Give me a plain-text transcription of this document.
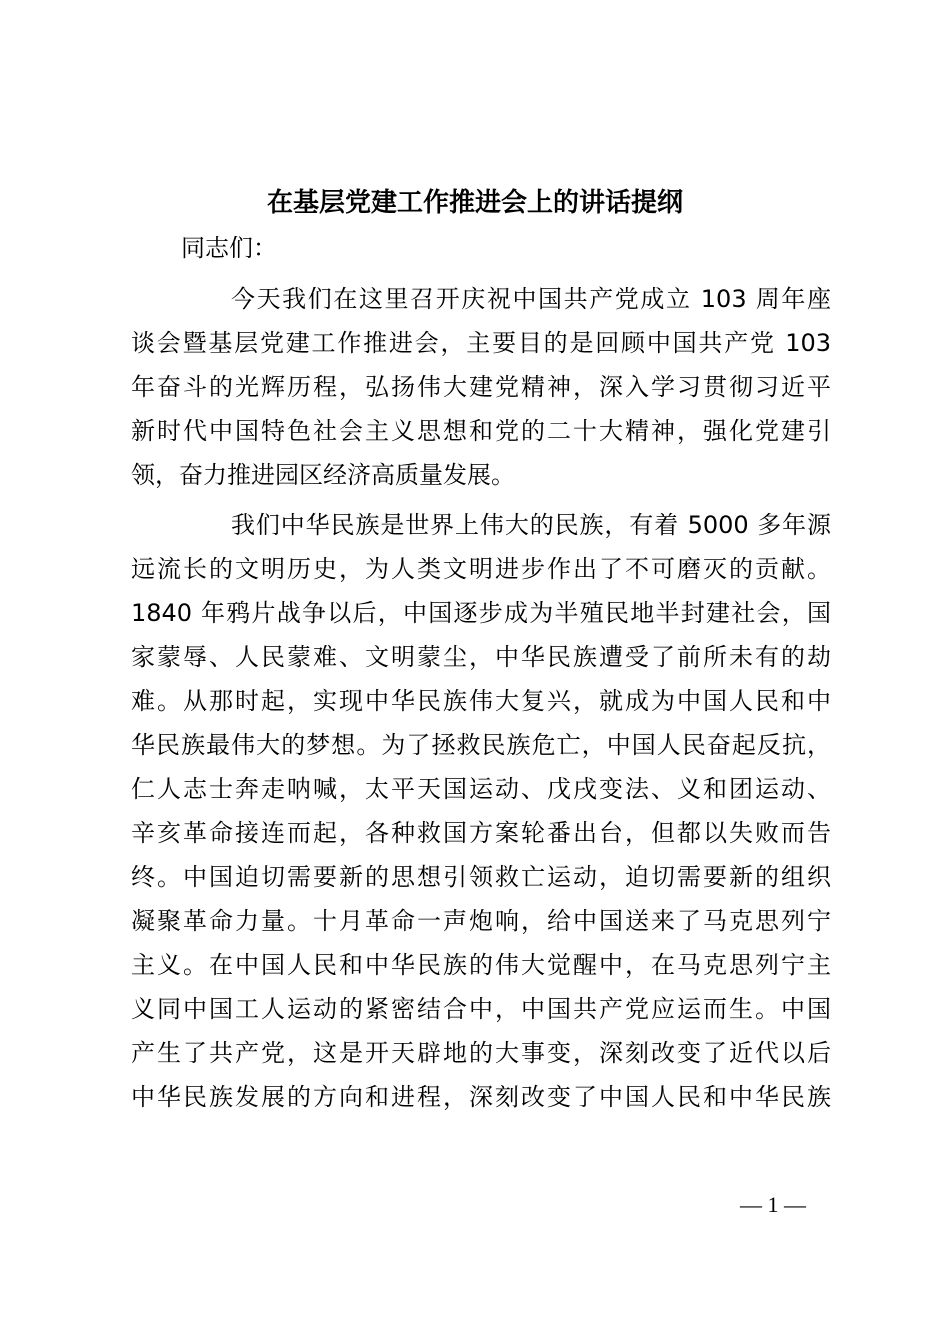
在基层党建工作推进会上的讲话提纲
同志们：
今天我们在这里召开庆祝中国共产党成立 103 周年座
谈会暨基层党建工作推进会，主要目的是回顾中国共产党 103
年奋斗的光辉历程，弘扬伟大建党精神，深入学习贯彻习近平
新时代中国特色社会主义思想和党的二十大精神，强化党建引
领，奋力推进园区经济高质量发展。
我们中华民族是世界上伟大的民族，有着 5000 多年源
远流长的文明历史，为人类文明进步作出了不可磨灭的贡献。
1840 年鸦片战争以后，中国逐步成为半殖民地半封建社会，国
家蒙辱、人民蒙难、文明蒙尘，中华民族遭受了前所未有的劫
难。从那时起，实现中华民族伟大复兴，就成为中国人民和中
华民族最伟大的梦想。为了拯救民族危亡，中国人民奋起反抗，
仁人志士奔走呐喊，太平天国运动、戊戌变法、义和团运动、
辛亥革命接连而起，各种救国方案轮番出台，但都以失败而告
终。中国迫切需要新的思想引领救亡运动，迫切需要新的组织
凝聚革命力量。十月革命一声炮响，给中国送来了马克思列宁
主义。在中国人民和中华民族的伟大觉醒中，在马克思列宁主
义同中国工人运动的紧密结合中，中国共产党应运而生。中国
产生了共产党，这是开天辟地的大事变，深刻改变了近代以后
中华民族发展的方向和进程，深刻改变了中国人民和中华民族
— 1 —
